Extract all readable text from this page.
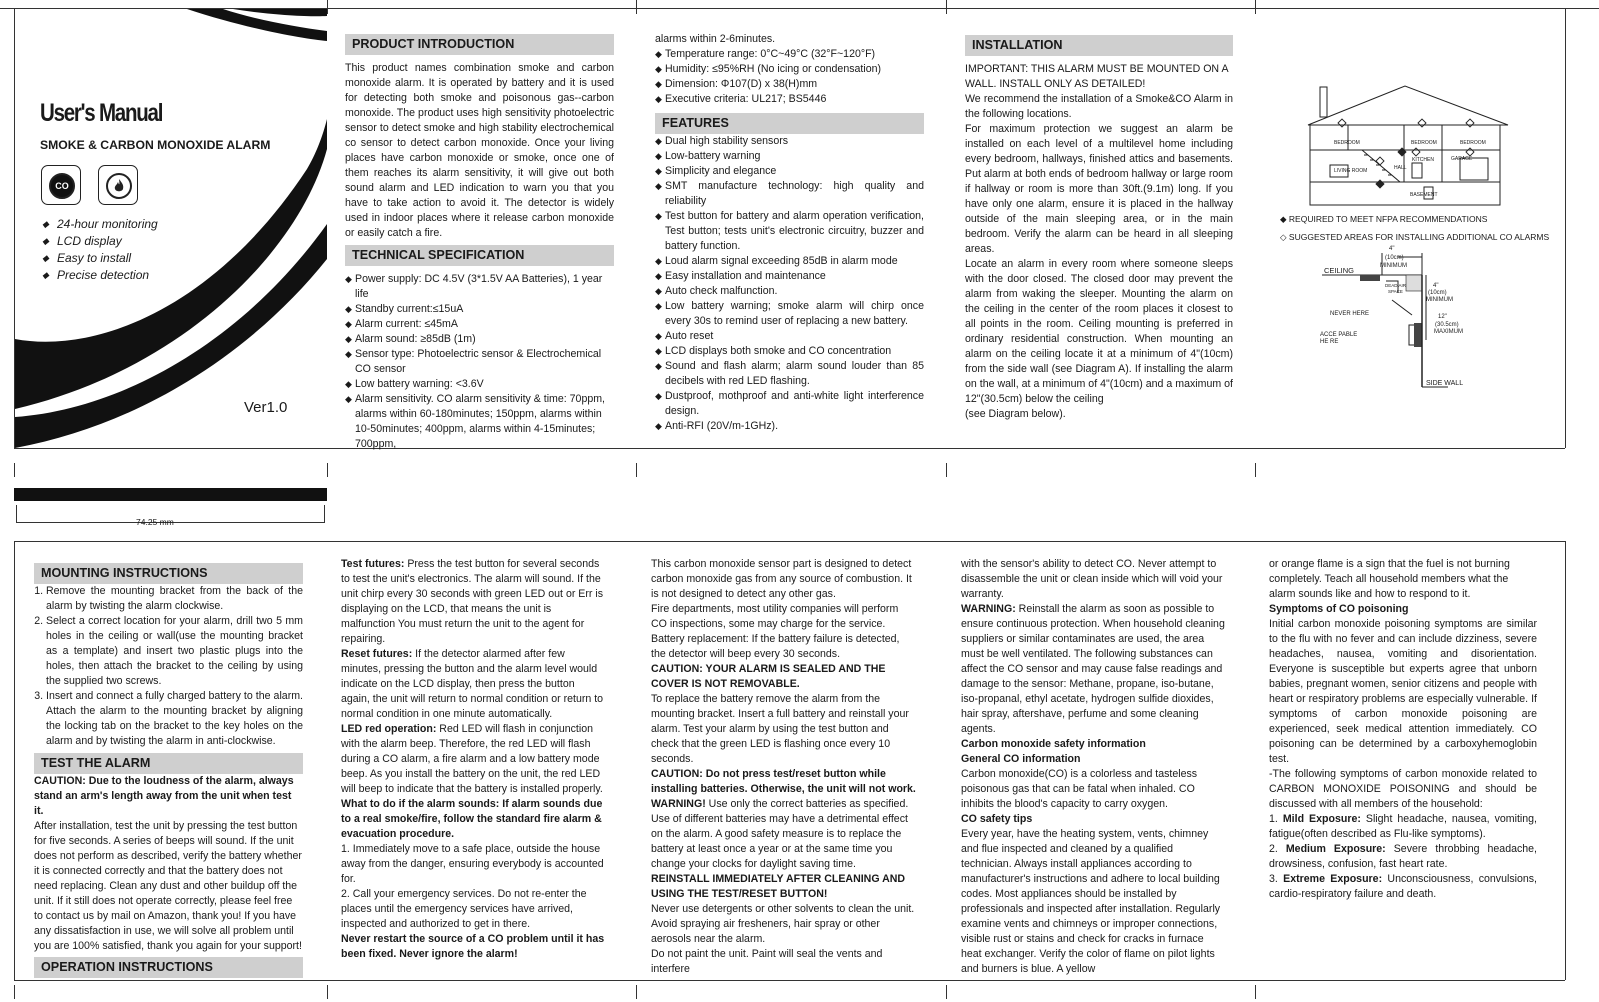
74.25 mm
User's Manual
SMOKE & CARBON MONOXIDE ALARM
CO
◆ 24-hour monitoring
◆ LCD display
◆ Easy to install
◆ Precise detection
Ver1.0
PRODUCT INTRODUCTION

This product names combination smoke and carbon monoxide alarm. It is operated by battery and it is used for detecting both smoke and poisonous gas--carbon monoxide. The product uses high sensitivity photoelectric sensor to detect smoke and high stability electrochemical co sensor to detect carbon monoxide. Once your living places have carbon monoxide or smoke, once one of them reaches its alarm sensitivity, it will give out both sound alarm and LED indication to warn you that you have to take action to avoid it. The detector is widely used in indoor places where it release carbon monoxide or easily catch a fire.

TECHNICAL SPECIFICATION
◆ Power supply: DC 4.5V (3*1.5V AA Batteries), 1 year life
◆ Standby current:≤15uA
◆ Alarm current: ≤45mA
◆ Alarm sound: ≥85dB (1m)
◆ Sensor type: Photoelectric sensor & Electrochemical CO sensor
◆ Low battery warning: <3.6V
◆ Alarm sensitivity. CO alarm sensitivity & time: 70ppm, alarms within 60-180minutes; 150ppm, alarms within 10-50minutes; 400ppm, alarms within 4-15minutes; 700ppm,

alarms within 2-6minutes.

◆ Temperature range: 0°C~49°C (32°F~120°F)
◆ Humidity: ≤95%RH (No icing or condensation)
◆ Dimension: Φ107(D) x 38(H)mm
◆ Executive criteria: UL217; BS5446
FEATURES
◆ Dual high stability sensors
◆ Low-battery warning
◆ Simplicity and elegance
◆ SMT manufacture technology: high quality and reliability
◆ Test button for battery and alarm operation verification, Test button; tests unit's electronic circuitry, buzzer and battery function.
◆ Loud alarm signal exceeding 85dB in alarm mode
◆ Easy installation and maintenance
◆ Auto check malfunction.
◆ Low battery warning; smoke alarm will chirp once every 30s to remind user of replacing a new battery.
◆ Auto reset
◆ LCD displays both smoke and CO concentration
◆ Sound and flash alarm; alarm sound louder than 85 decibels with red LED flashing.
◆ Dustproof, mothproof and anti-white light interference design.
◆ Anti-RFI (20V/m-1GHz).
INSTALLATION

IMPORTANT: THIS ALARM MUST BE MOUNTED ON A WALL. INSTALL ONLY AS DETAILED!

We recommend the installation of a Smoke&CO Alarm in the following locations.

For maximum protection we suggest an alarm be installed on each level of a multilevel home including every bedroom, hallways, finished attics and basements. Put alarm at both ends of bedroom hallway or large room if hallway or room is more than 30ft.(9.1m) long. If you have only one alarm, ensure it is placed in the hallway outside of the main sleeping area, or in the main bedroom. Verify the alarm can be heard in all sleeping areas.

Locate an alarm in every room where someone sleeps with the door closed. The closed door may prevent the alarm from waking the sleeper. Mounting the alarm on the ceiling in the center of the room places it closest to all points in the room. Ceiling mounting is preferred in ordinary residential construction. When mounting an alarm on the ceiling locate it at a minimum of 4"(10cm) from the side wall (see Diagram A). If installing the alarm on the wall, at a minimum of 4"(10cm) and a maximum of 12"(30.5cm) below the ceiling

(see Diagram below).

BEDROOM	BEDROOM	BEDROOM
LIVING ROOM	HALL
KITCHEN	GARAGE
BASEMENT
◆ REQUIRED TO MEET NFPA RECOMMENDATIONS
◇ SUGGESTED AREAS FOR INSTALLING ADDITIONAL CO ALARMS
CEILING
4"
(10cm)
MINIMUM
DEAD AIR
SPACE
4"
(10cm)
MINIMUM
NEVER HERE
ACCE PABLE
HE RE
12"
(30.5cm)
MAXIMUM
SIDE WALL
MOUNTING INSTRUCTIONS
1. Remove the mounting bracket from the back of the alarm by twisting the alarm clockwise.
2. Select a correct location for your alarm, drill two 5 mm holes in the ceiling or wall(use the mounting bracket as a template) and insert two plastic plugs into the holes, then attach the bracket to the ceiling by using the supplied two screws.
3. Insert and connect a fully charged battery to the alarm. Attach the alarm to the mounting bracket by aligning the locking tab on the bracket to the key holes on the alarm and by twisting the alarm in anti-clockwise.
TEST THE ALARM

CAUTION: Due to the loudness of the alarm, always stand an arm's length away from the unit when test it.

After installation, test the unit by pressing the test button for five seconds. A series of beeps will sound. If the unit does not perform as described, verify the battery whether it is connected correctly and that the battery does not need replacing. Clean any dust and other buildup off the unit. If it still does not operate correctly, please feel free to contact us by mail on Amazon, thank you! If you have any dissatisfaction in use, we will solve all problem until you are 100% satisfied, thank you again for your support!

OPERATION INSTRUCTIONS

Test futures: Press the test button for several seconds to test the unit's electronics. The alarm will sound. If the unit chirp every 30 seconds with green LED out or Err is displaying on the LCD, that means the unit is malfunction You must return the unit to the agent for repairing.

Reset futures: If the detector alarmed after few minutes, pressing the button and the alarm level would indicate on the LCD display, then press the button again, the unit will return to normal condition or return to normal condition in one minute automatically.

LED red operation: Red LED will flash in conjunction with the alarm beep. Therefore, the red LED will flash during a CO alarm, a fire alarm and a low battery mode beep. As you install the battery on the unit, the red LED will beep to indicate that the battery is installed properly.

What to do if the alarm sounds: If alarm sounds due to a real smoke/fire, follow the standard fire alarm & evacuation procedure.

1. Immediately move to a safe place, outside the house away from the danger, ensuring everybody is accounted for.

2. Call your emergency services. Do not re-enter the places until the emergency services have arrived, inspected and authorized to get in there.

Never restart the source of a CO problem until it has been fixed. Never ignore the alarm!

This carbon monoxide sensor part is designed to detect carbon monoxide gas from any source of combustion. It is not designed to detect any other gas.

Fire departments, most utility companies will perform CO inspections, some may charge for the service.

Battery replacement: If the battery failure is detected, the detector will beep every 30 seconds.

CAUTION: YOUR ALARM IS SEALED AND THE COVER IS NOT REMOVABLE.

To replace the battery remove the alarm from the mounting bracket. Insert a full battery and reinstall your alarm. Test your alarm by using the test button and check that the green LED is flashing once every 10 seconds.

CAUTION: Do not press test/reset button while installing batteries. Otherwise, the unit will not work.

WARNING! Use only the correct batteries as specified.

Use of different batteries may have a detrimental effect on the alarm. A good safety measure is to replace the battery at least once a year or at the same time you change your clocks for daylight saving time.

REINSTALL IMMEDIATELY AFTER CLEANING AND USING THE TEST/RESET BUTTON!

Never use detergents or other solvents to clean the unit. Avoid spraying air fresheners, hair spray or other aerosols near the alarm.

Do not paint the unit. Paint will seal the vents and interfere

with the sensor's ability to detect CO. Never attempt to disassemble the unit or clean inside which will void your warranty.

WARNING: Reinstall the alarm as soon as possible to ensure continuous protection. When household cleaning suppliers or similar contaminates are used, the area must be well ventilated. The following substances can affect the CO sensor and may cause false readings and damage to the sensor: Methane, propane, iso-butane, iso-propanal, ethyl acetate, hydrogen sulfide dioxides, hair spray, aftershave, perfume and some cleaning agents.

Carbon monoxide safety information

General CO information

Carbon monoxide(CO) is a colorless and tasteless poisonous gas that can be fatal when inhaled. CO inhibits the blood's capacity to carry oxygen.

CO safety tips

Every year, have the heating system, vents, chimney and flue inspected and cleaned by a qualified technician. Always install appliances according to manufacturer's instructions and adhere to local building codes. Most appliances should be installed by professionals and inspected after installation. Regularly examine vents and chimneys or improper connections, visible rust or stains and check for cracks in furnace heat exchanger. Verify the color of flame on pilot lights and burners is blue. A yellow

or orange flame is a sign that the fuel is not burning completely. Teach all household members what the alarm sounds like and how to respond to it.

Symptoms of CO poisoning

Initial carbon monoxide poisoning symptoms are similar to the flu with no fever and can include dizziness, severe headaches, nausea, vomiting and disorientation. Everyone is susceptible but experts agree that unborn babies, pregnant women, senior citizens and people with heart or respiratory problems are especially vulnerable. If symptoms of carbon monoxide poisoning are experienced, seek medical attention immediately. CO poisoning can be determined by a carboxyhemoglobin test.

-The following symptoms of carbon monoxide related to CARBON MONOXIDE POISONING and should be discussed with all members of the household:

1. Mild Exposure: Slight headache, nausea, vomiting, fatigue(often described as Flu-like symptoms).

2. Medium Exposure: Severe throbbing headache, drowsiness, confusion, fast heart rate.

3. Extreme Exposure: Unconsciousness, convulsions, cardio-respiratory failure and death.
